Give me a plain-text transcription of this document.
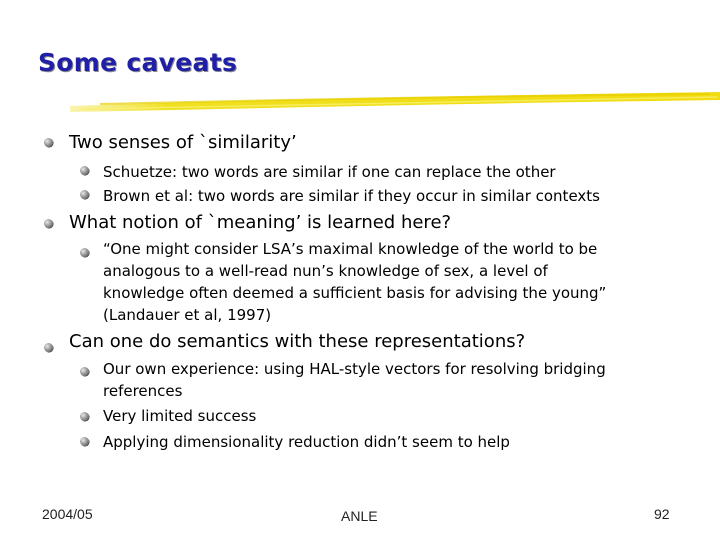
Some caveats
Two senses of `similarity’
Schuetze: two words are similar if one can replace the other
Brown et al: two words are similar if they occur in similar contexts
What notion of `meaning’ is learned here?
“One might consider LSA’s maximal knowledge of the world to be
analogous to a well-read nun’s knowledge of sex, a level of
knowledge often deemed a sufficient basis for advising the young”
(Landauer et al, 1997)
Can one do semantics with these representations?
Our own experience: using HAL-style vectors for resolving bridging
references
Very limited success
Applying dimensionality reduction didn’t seem to help
2004/05	ANLE	92
